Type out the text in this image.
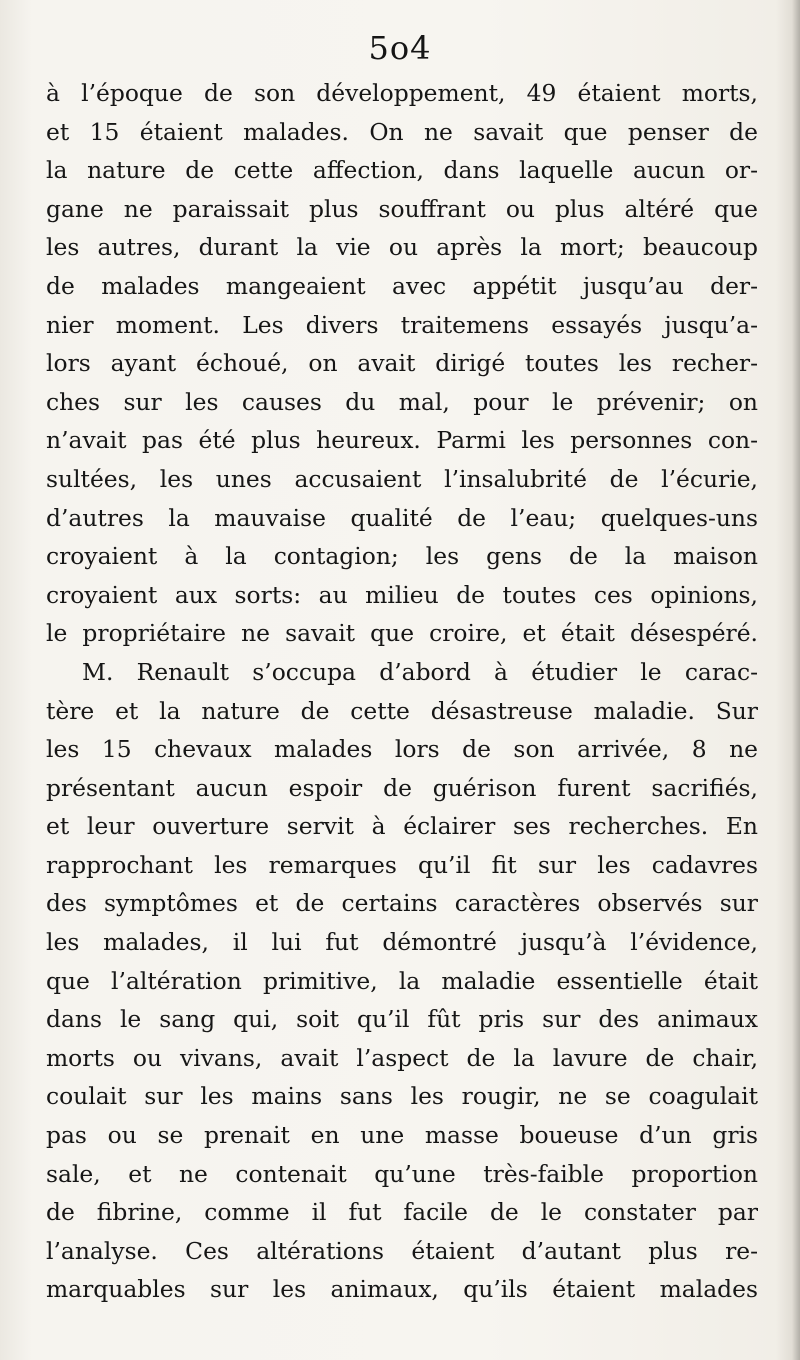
5o4
à l’époque de son développement, 49 étaient morts,
et 15 étaient malades. On ne savait que penser de
la nature de cette affection, dans laquelle aucun or-
gane ne paraissait plus souffrant ou plus altéré que
les autres, durant la vie ou après la mort; beaucoup
de malades mangeaient avec appétit jusqu’au der-
nier moment. Les divers traitemens essayés jusqu’a-
lors ayant échoué, on avait dirigé toutes les recher-
ches sur les causes du mal, pour le prévenir; on
n’avait pas été plus heureux. Parmi les personnes con-
sultées, les unes accusaient l’insalubrité de l’écurie,
d’autres la mauvaise qualité de l’eau; quelques-uns
croyaient à la contagion; les gens de la maison
croyaient aux sorts: au milieu de toutes ces opinions,
le propriétaire ne savait que croire, et était désespéré.
M. Renault s’occupa d’abord à étudier le carac-
tère et la nature de cette désastreuse maladie. Sur
les 15 chevaux malades lors de son arrivée, 8 ne
présentant aucun espoir de guérison furent sacrifiés,
et leur ouverture servit à éclairer ses recherches. En
rapprochant les remarques qu’il fit sur les cadavres
des symptômes et de certains caractères observés sur
les malades, il lui fut démontré jusqu’à l’évidence,
que l’altération primitive, la maladie essentielle était
dans le sang qui, soit qu’il fût pris sur des animaux
morts ou vivans, avait l’aspect de la lavure de chair,
coulait sur les mains sans les rougir, ne se coagulait
pas ou se prenait en une masse boueuse d’un gris
sale, et ne contenait qu’une très-faible proportion
de fibrine, comme il fut facile de le constater par
l’analyse. Ces altérations étaient d’autant plus re-
marquables sur les animaux, qu’ils étaient malades
